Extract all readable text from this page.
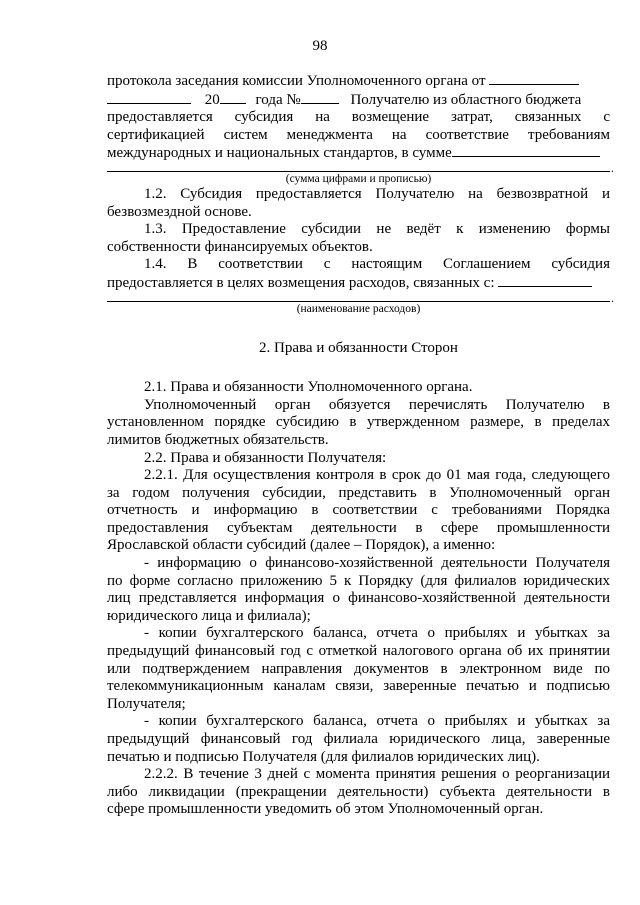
98

протокола заседания комиссии Уполномоченного органа от

20 года №	Получателю из областного бюджета

предоставляется субсидия на возмещение затрат, связанных с

сертификацией систем менеджмента на соответствие требованиям

международных и национальных стандартов, в сумме

.

(сумма цифрами и прописью)

1.2. Субсидия предоставляется Получателю на безвозвратной и

безвозмездной основе.

1.3. Предоставление субсидии не ведёт к изменению формы

собственности финансируемых объектов.

1.4. В соответствии с настоящим Соглашением субсидия

предоставляется в целях возмещения расходов, связанных с:

.

(наименование расходов)

2. Права и обязанности Сторон

2.1. Права и обязанности Уполномоченного органа.

Уполномоченный орган обязуется перечислять Получателю в

установленном порядке субсидию в утвержденном размере, в пределах

лимитов бюджетных обязательств.

2.2. Права и обязанности Получателя:

2.2.1. Для осуществления контроля в срок до 01 мая года, следующего

за годом получения субсидии, представить в Уполномоченный орган

отчетность и информацию в соответствии с требованиями Порядка

предоставления субъектам деятельности в сфере промышленности

Ярославской области субсидий (далее – Порядок), а именно:

- информацию о финансово-хозяйственной деятельности Получателя

по форме согласно приложению 5 к Порядку (для филиалов юридических

лиц представляется информация о финансово-хозяйственной деятельности

юридического лица и филиала);

- копии бухгалтерского баланса, отчета о прибылях и убытках за

предыдущий финансовый год с отметкой налогового органа об их принятии

или подтверждением направления документов в электронном виде по

телекоммуникационным каналам связи, заверенные печатью и подписью

Получателя;

- копии бухгалтерского баланса, отчета о прибылях и убытках за

предыдущий финансовый год филиала юридического лица, заверенные

печатью и подписью Получателя (для филиалов юридических лиц).

2.2.2. В течение 3 дней с момента принятия решения о реорганизации

либо ликвидации (прекращении деятельности) субъекта деятельности в

сфере промышленности уведомить об этом Уполномоченный орган.
